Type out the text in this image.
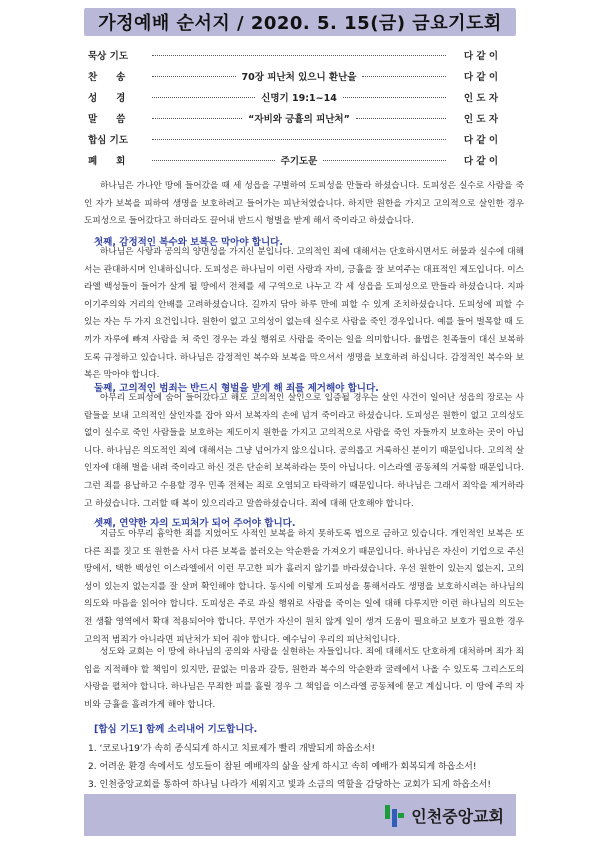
가정예배 순서지 / 2020. 5. 15(금) 금요기도회
묵상 기도	다 같 이
찬　　송	70장 피난처 있으니 환난을	다 같 이
성　　경	신명기 19:1~14	인 도 자
말　　씀	“자비와 긍휼의 피난처”	인 도 자
합심 기도	다 같 이
폐　　회	주기도문	다 같 이

하나님은 가나안 땅에 들어갔을 때 세 성읍을 구별하여 도피성을 만들라 하셨습니다. 도피성은 실수로 사람을 죽인 자가 보복을 피하여 생명을 보호하려고 들어가는 피난처였습니다. 하지만 원한을 가지고 고의적으로 살인한 경우 도피성으로 들어갔다고 하더라도 끌어내 반드시 형벌을 받게 해서 죽이라고 하셨습니다.

첫째, 감정적인 복수와 보복은 막아야 합니다.

하나님은 사랑과 공의의 양면성을 가지신 분입니다. 고의적인 죄에 대해서는 단호하시면서도 허물과 실수에 대해서는 관대하시며 인내하십니다. 도피성은 하나님이 이런 사랑과 자비, 긍휼을 잘 보여주는 대표적인 제도입니다. 이스라엘 백성들이 들어가 살게 될 땅에서 전체를 세 구역으로 나누고 각 세 성읍을 도피성으로 만들라 하셨습니다. 지파 이기주의와 거리의 안배를 고려하셨습니다. 길까지 닦아 하루 만에 피할 수 있게 조치하셨습니다. 도피성에 피할 수 있는 자는 두 가지 요건입니다. 원한이 없고 고의성이 없는데 실수로 사람을 죽인 경우입니다. 예를 들어 벌목할 때 도끼가 자루에 빠져 사람을 쳐 죽인 경우는 과실 행위로 사람을 죽이는 일을 의미합니다. 율법은 친족들이 대신 보복하도록 규정하고 있습니다. 하나님은 감정적인 복수와 보복을 막으셔서 생명을 보호하려 하십니다. 감정적인 복수와 보복은 막아야 합니다.

둘째, 고의적인 범죄는 반드시 형벌을 받게 해 죄를 제거해야 합니다.

아무리 도피성에 숨어 들어갔다고 해도 고의적인 살인으로 입증될 경우는 살인 사건이 일어난 성읍의 장로는 사람들을 보내 고의적인 살인자를 잡아 와서 보복자의 손에 넘겨 죽이라고 하셨습니다. 도피성은 원한이 없고 고의성도 없이 실수로 죽인 사람들을 보호하는 제도이지 원한을 가지고 고의적으로 사람을 죽인 자들까지 보호하는 곳이 아닙니다. 하나님은 의도적인 죄에 대해서는 그냥 넘어가지 않으십니다. 공의롭고 거룩하신 분이기 때문입니다. 고의적 살인자에 대해 벌을 내려 죽이라고 하신 것은 단순히 보복하라는 뜻이 아닙니다. 이스라엘 공동체의 거룩함 때문입니다. 그런 죄를 용납하고 수용할 경우 민족 전체는 죄로 오염되고 타락하기 때문입니다. 하나님은 그래서 죄악을 제거하라고 하셨습니다. 그러할 때 복이 있으리라고 말씀하셨습니다. 죄에 대해 단호해야 합니다.

셋째, 연약한 자의 도피처가 되어 주어야 합니다.

지금도 아무리 흉악한 죄를 지었어도 사적인 보복을 하지 못하도록 법으로 금하고 있습니다. 개인적인 보복은 또 다른 죄를 짓고 또 원한을 사서 다른 보복을 불러오는 악순환을 가져오기 때문입니다. 하나님은 자신이 기업으로 주신 땅에서, 택한 백성인 이스라엘에서 이런 무고한 피가 흘러지 않기를 바라셨습니다. 우선 원한이 있는지 없는지, 고의성이 있는지 없는지를 잘 살펴 확인해야 합니다. 동시에 이렇게 도피성을 통해서라도 생명을 보호하시려는 하나님의 의도와 마음을 읽어야 합니다. 도피성은 주로 과실 행위로 사람을 죽이는 일에 대해 다루지만 이런 하나님의 의도는 전 생활 영역에서 확대 적용되어야 합니다. 무언가 자신이 원치 않게 일이 생겨 도움이 필요하고 보호가 필요한 경우 고의적 범죄가 아니라면 피난처가 되어 줘야 합니다. 예수님이 우리의 피난처입니다.

성도와 교회는 이 땅에 하나님의 공의와 사랑을 실현하는 자들입니다. 죄에 대해서도 단호하게 대처하며 죄가 죄임을 지적해야 할 책임이 있지만, 끝없는 미움과 갈등, 원한과 복수의 악순환과 굴레에서 나올 수 있도록 그리스도의 사랑을 펼쳐야 합니다. 하나님은 무죄한 피를 흘릴 경우 그 책임을 이스라엘 공동체에 묻고 계십니다. 이 땅에 주의 자비와 긍휼을 흘려가게 해야 합니다.

[합심 기도] 함께 소리내어 기도합니다.
1. ‘코로나19’가 속히 종식되게 하시고 치료제가 빨리 개발되게 하옵소서!
2. 어려운 환경 속에서도 성도들이 참된 예배자의 삶을 살게 하시고 속히 예배가 회복되게 하옵소서!
3. 인천중앙교회를 통하여 하나님 나라가 세워지고 빛과 소금의 역할을 감당하는 교회가 되게 하옵소서!
인천중앙교회
